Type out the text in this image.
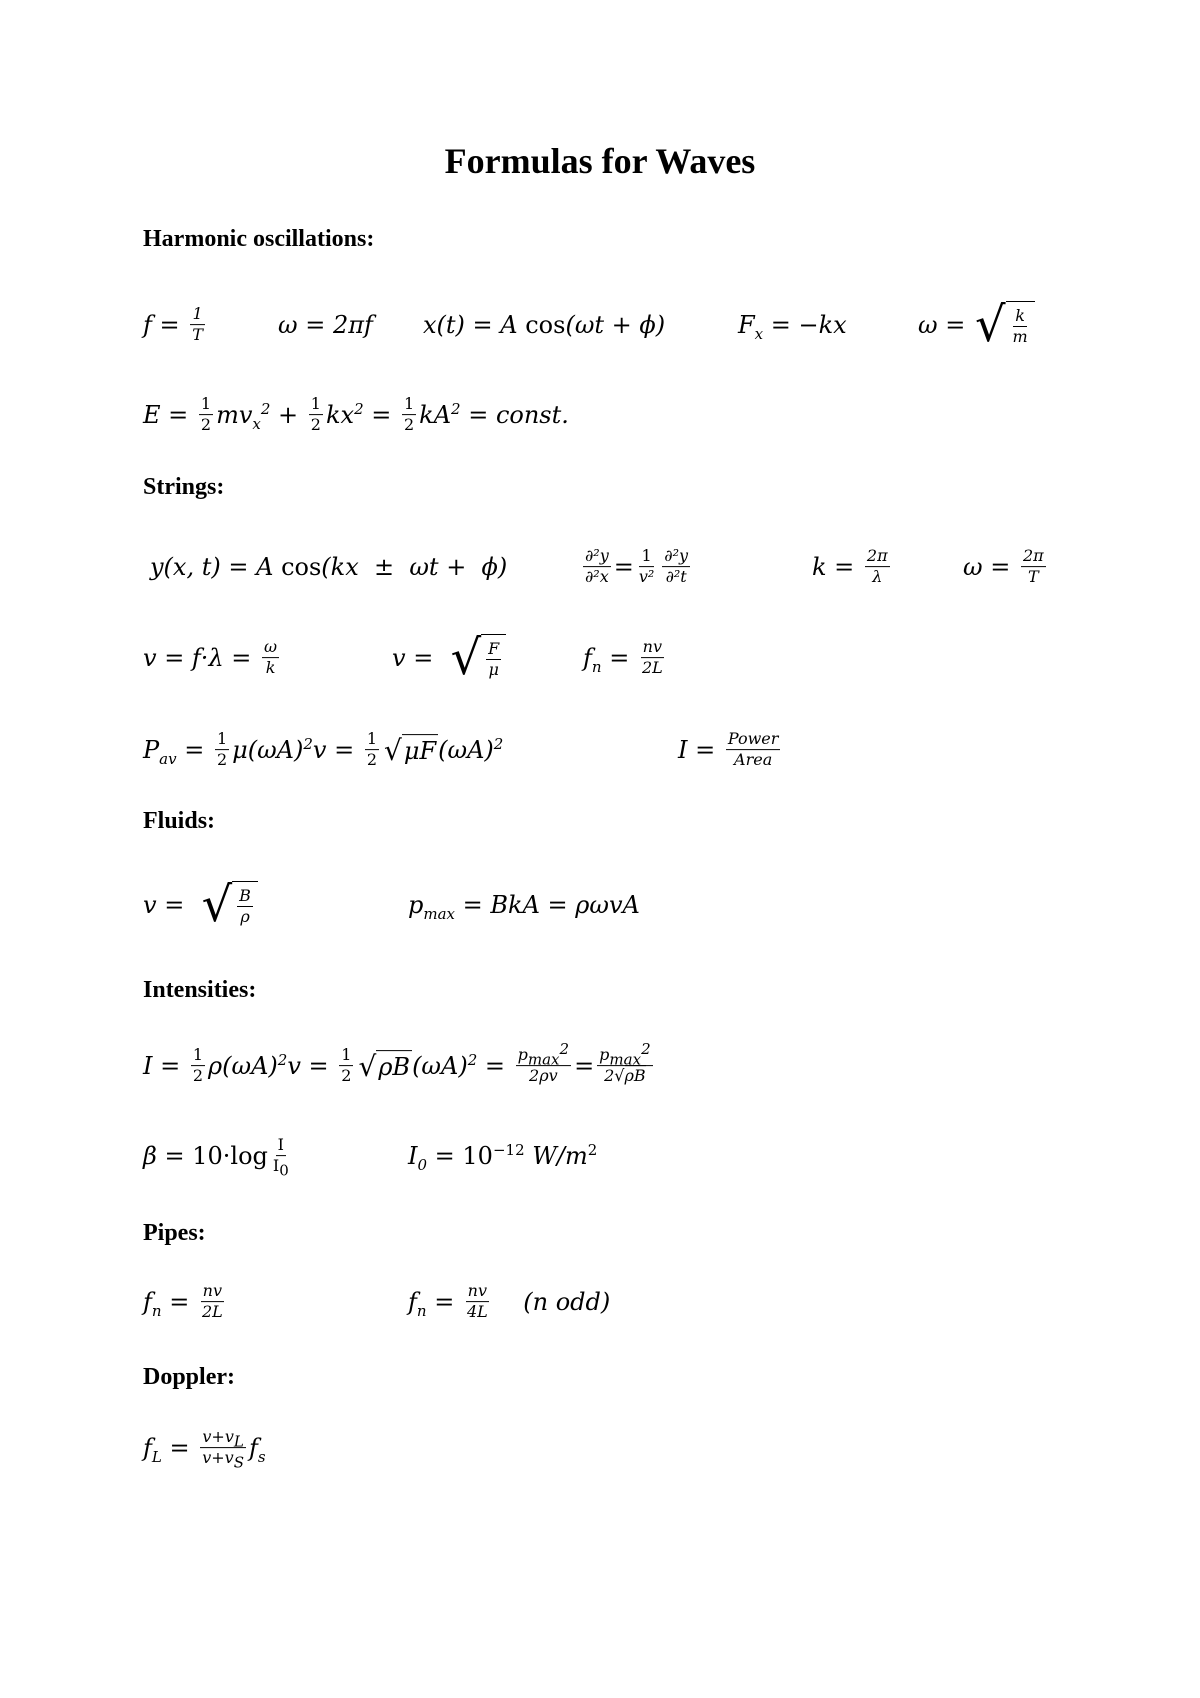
Formulas for Waves
Harmonic oscillations:
$f = \frac{1}{T}$	ω = 2πf x(t) = A cos(ωt + ϕ)	$F_x = -kx$	ω = √ $\frac{k}{m}$
$E = \frac{1}{2} mv_x^2 + \frac{1}{2} kx^2 = \frac{1}{2} kA^2$ = const.
Strings:
y(x, t) = A cos(kx  ±  ωt +  ϕ)	$\frac{\text{∂²y}}{\text{∂²x}} = \frac{1}{\text{v²}} \frac{\text{∂²y}}{\text{∂²t}}$	$k = \frac{2\pi}{\lambda}$	$\omega = \frac{2\pi}{T}$
$v = f\cdot\lambda = \frac{\omega}{k}$	v = √ $\frac{F}{\mu}$	$f_n = \frac{nv}{2L}$
$P_{av} = \frac{1}{2} \mu(\omega A)^2v = \frac{1}{2}$ √ μF $(\omega A)^2$	$I = \frac{\text{Power}}{\text{Area}}$
Fluids:
v = √ $\frac{B}{\rho}$	$p_{max}$ = BkA = ρωvA
Intensities:
$I = \frac{1}{2} \rho(\omega A)^2v = \frac{1}{2}$ √ ρB $(\omega A)^2 = \frac{p_{max}^2}{2\rho v} = \frac{p_{max}^2}{2√\rho B}$
$\beta = 10\cdot\log \frac{I}{I_0}$	$I_0 = 10^{-12}$ $W/m^2$
Pipes:
$f_n = \frac{nv}{2L}$	$f_n = \frac{nv}{4L} (n$ odd)
Doppler:
$f_L = \frac{v+v_L}{v+v_S} f_s$
